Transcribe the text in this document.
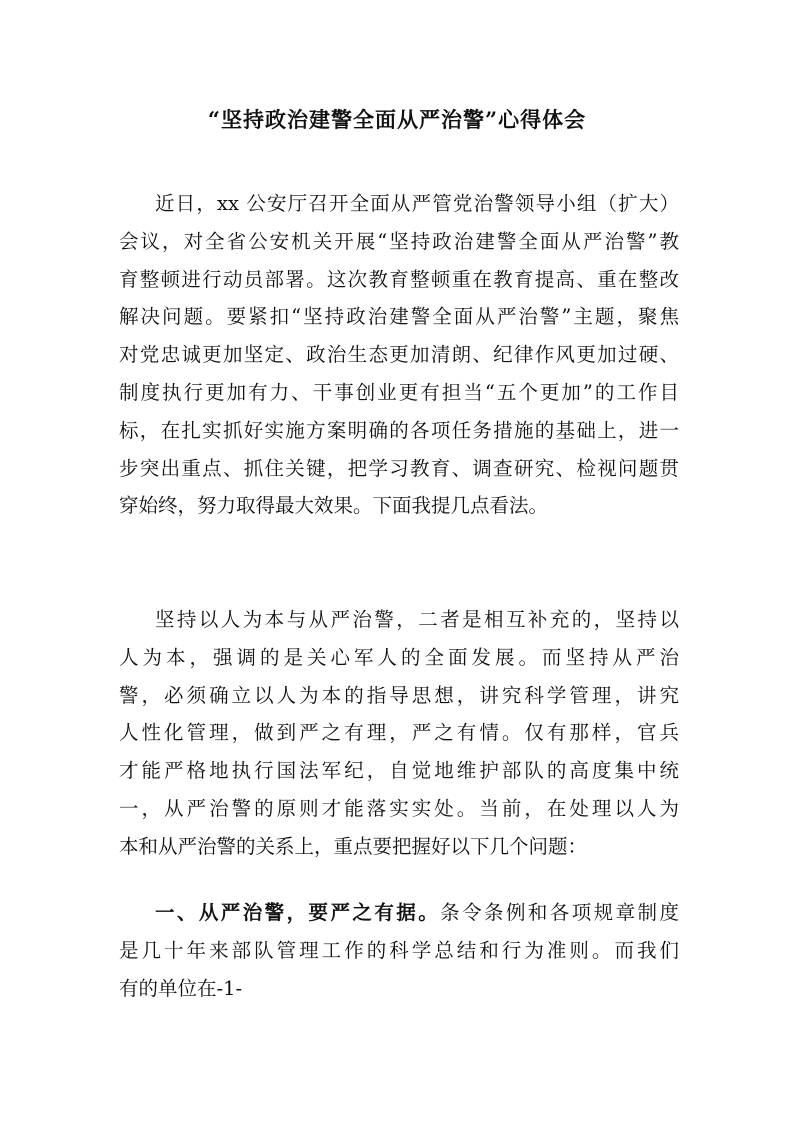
“坚持政治建警全面从严治警”心得体会
近日，xx 公安厅召开全面从严管党治警领导小组（扩大）
会议，对全省公安机关开展“坚持政治建警全面从严治警”教
育整顿进行动员部署。这次教育整顿重在教育提高、重在整改
解决问题。要紧扣“坚持政治建警全面从严治警”主题，聚焦
对党忠诚更加坚定、政治生态更加清朗、纪律作风更加过硬、
制度执行更加有力、干事创业更有担当“五个更加”的工作目
标，在扎实抓好实施方案明确的各项任务措施的基础上，进一
步突出重点、抓住关键，把学习教育、调查研究、检视问题贯
穿始终，努力取得最大效果。下面我提几点看法。
坚持以人为本与从严治警，二者是相互补充的，坚持以
人为本，强调的是关心军人的全面发展。而坚持从严治
警，必须确立以人为本的指导思想，讲究科学管理，讲究
人性化管理，做到严之有理，严之有情。仅有那样，官兵
才能严格地执行国法军纪，自觉地维护部队的高度集中统
一，从严治警的原则才能落实实处。当前，在处理以人为
本和从严治警的关系上，重点要把握好以下几个问题：
一、从严治警，要严之有据。条令条例和各项规章制度
是几十年来部队管理工作的科学总结和行为准则。而我们
有的单位在-1-
